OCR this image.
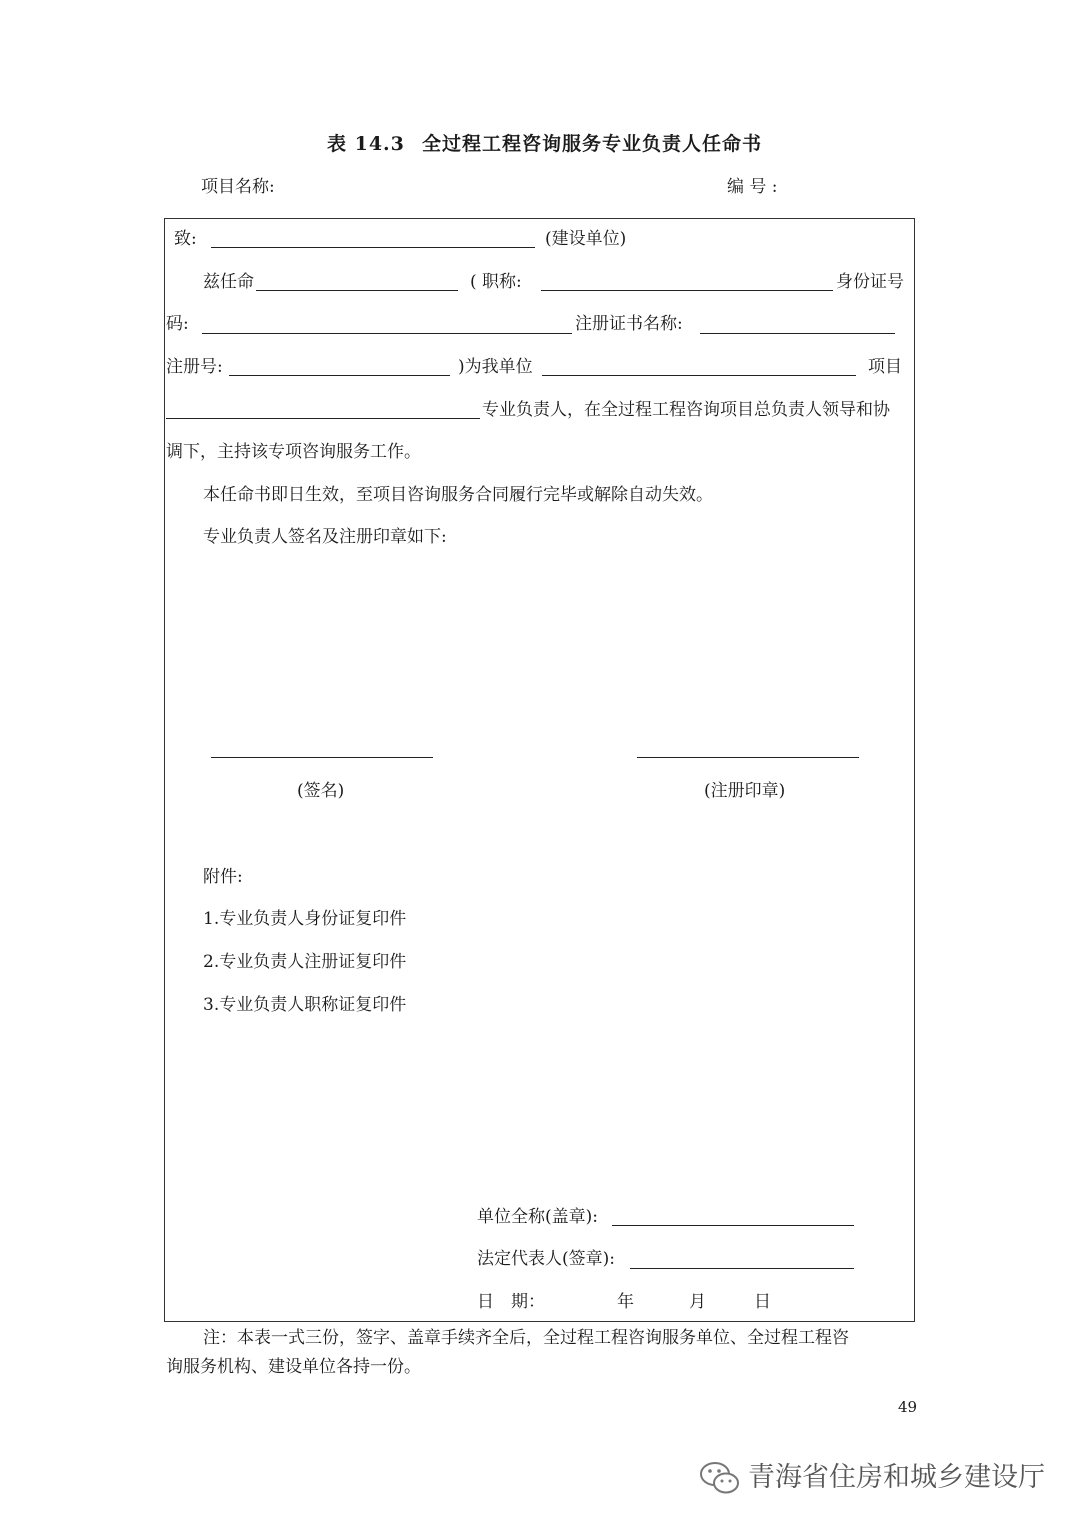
表 14.3 全过程工程咨询服务专业负责人任命书
项目名称:	编 号 :
致:	(建设单位)
兹任命	( 职称:	身份证号
码:	注册证书名称:
注册号:	)为我单位	项目
专业负责人，在全过程工程咨询项目总负责人领导和协
调下，主持该专项咨询服务工作。
本任命书即日生效，至项目咨询服务合同履行完毕或解除自动失效。
专业负责人签名及注册印章如下:
(签名)	(注册印章)
附件:
1.专业负责人身份证复印件
2.专业负责人注册证复印件
3.专业负责人职称证复印件
单位全称(盖章):
法定代表人(签章):
日　期：	年	月	日
注：本表一式三份，签字、盖章手续齐全后，全过程工程咨询服务单位、全过程工程咨
询服务机构、建设单位各持一份。
49
青海省住房和城乡建设厅
